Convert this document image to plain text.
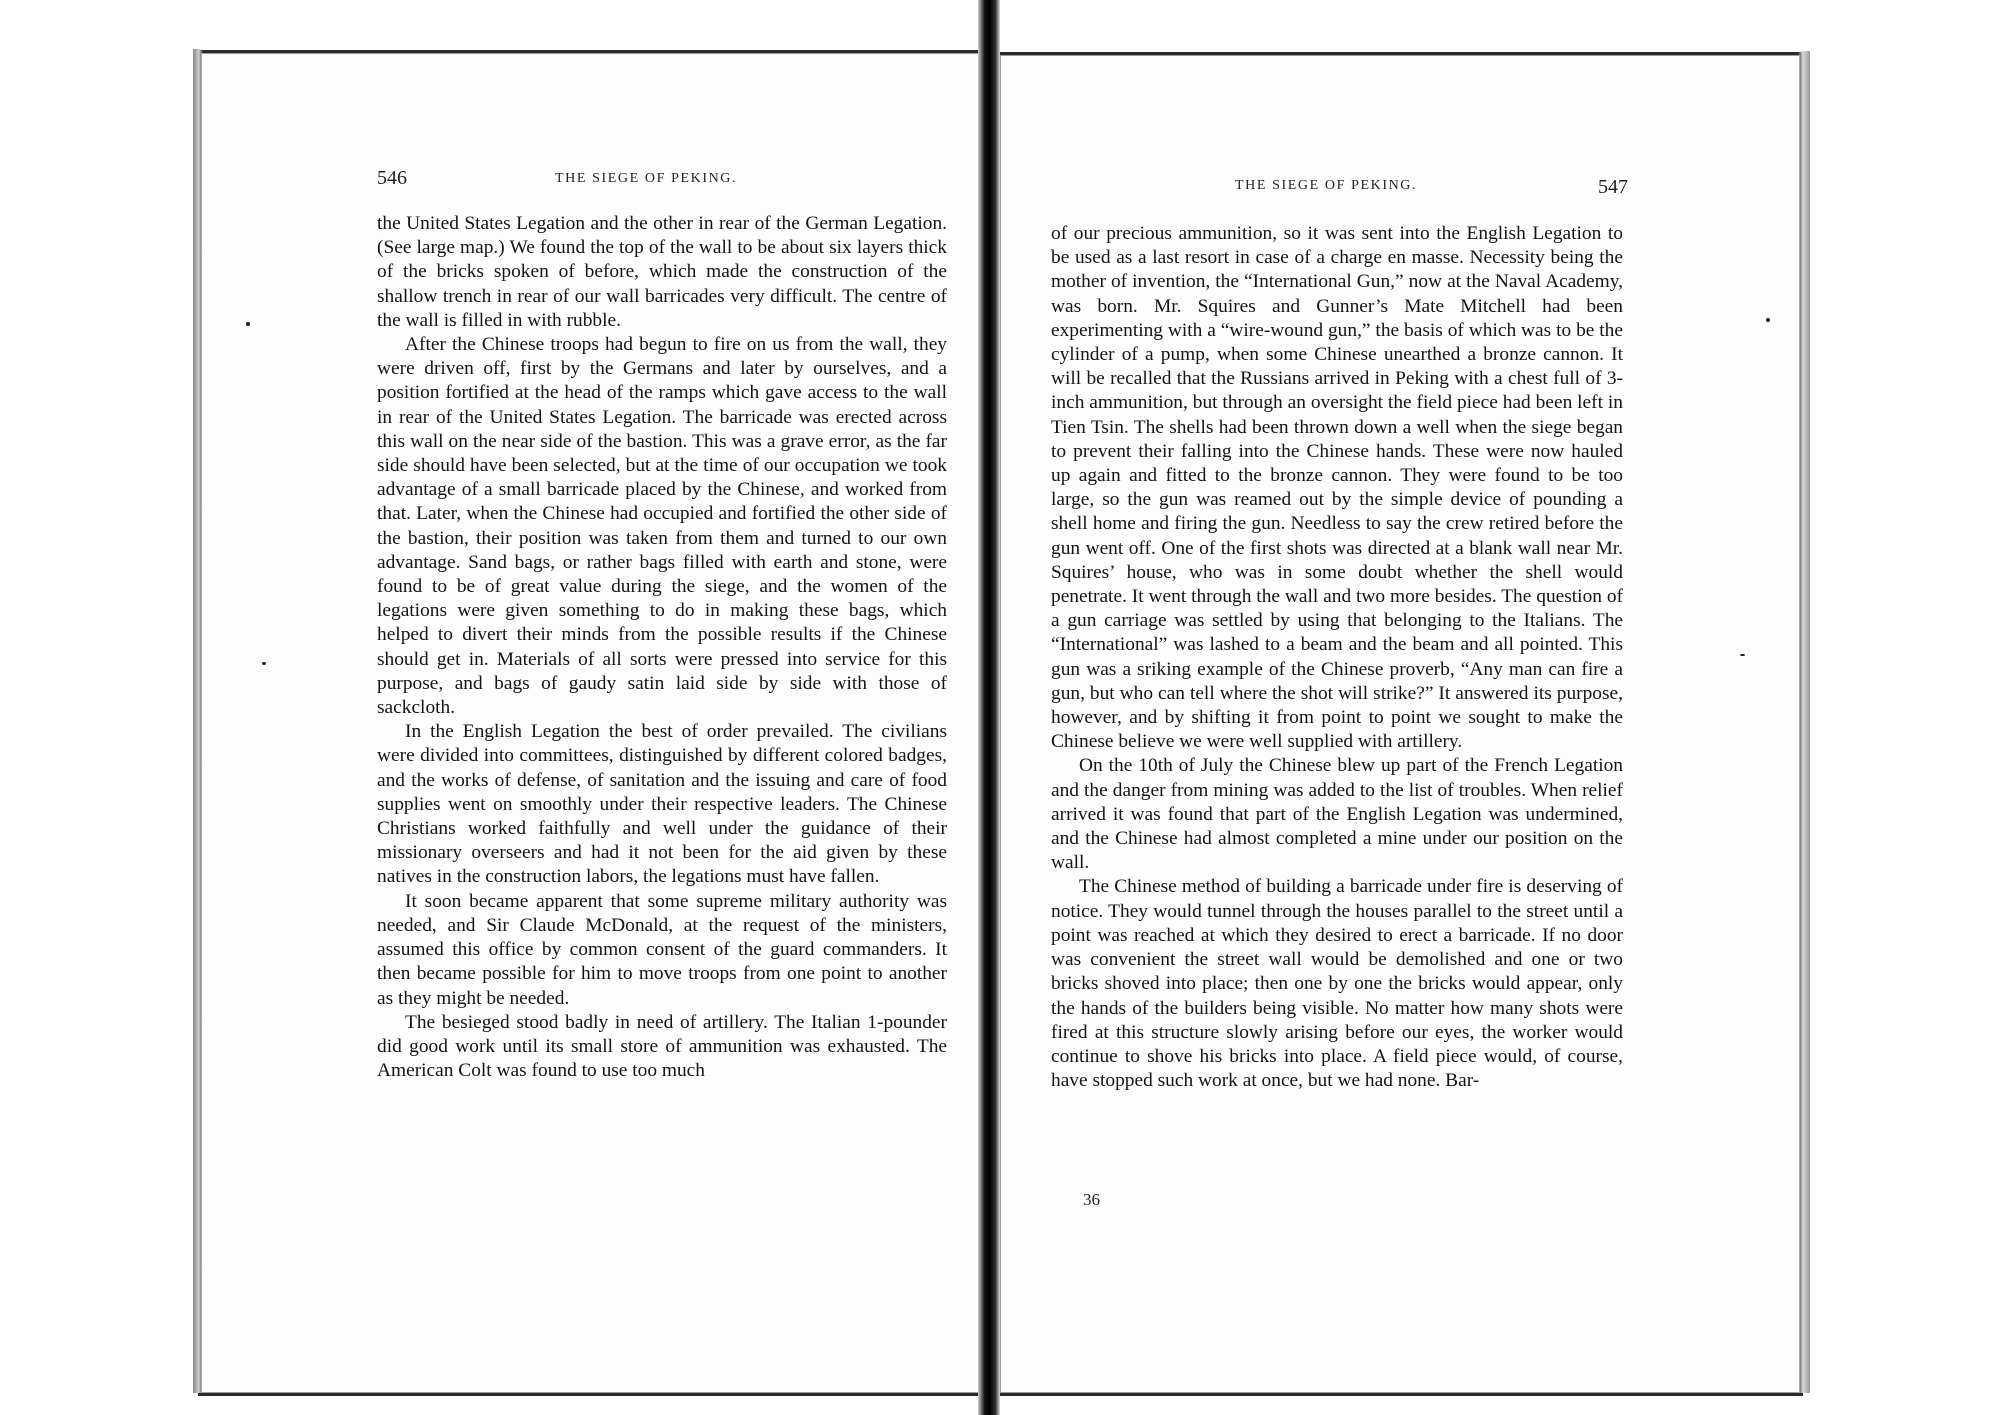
546	THE SIEGE OF PEKING.

the United States Legation and the other in rear of the German Legation. (See large map.) We found the top of the wall to be about six layers thick of the bricks spoken of before, which made the construction of the shallow trench in rear of our wall barricades very difficult. The centre of the wall is filled in with rubble.

After the Chinese troops had begun to fire on us from the wall, they were driven off, first by the Germans and later by ourselves, and a position fortified at the head of the ramps which gave access to the wall in rear of the United States Legation. The barricade was erected across this wall on the near side of the bastion. This was a grave error, as the far side should have been selected, but at the time of our occupation we took advantage of a small barricade placed by the Chinese, and worked from that. Later, when the Chinese had occupied and fortified the other side of the bastion, their position was taken from them and turned to our own advantage. Sand bags, or rather bags filled with earth and stone, were found to be of great value during the siege, and the women of the legations were given something to do in making these bags, which helped to divert their minds from the possible results if the Chinese should get in. Materials of all sorts were pressed into service for this purpose, and bags of gaudy satin laid side by side with those of sackcloth.

In the English Legation the best of order prevailed. The civilians were divided into committees, distinguished by different colored badges, and the works of defense, of sanitation and the issuing and care of food supplies went on smoothly under their respective leaders. The Chinese Christians worked faithfully and well under the guidance of their missionary overseers and had it not been for the aid given by these natives in the construction labors, the legations must have fallen.

It soon became apparent that some supreme military authority was needed, and Sir Claude McDonald, at the request of the ministers, assumed this office by common consent of the guard commanders. It then became possible for him to move troops from one point to another as they might be needed.

The besieged stood badly in need of artillery. The Italian 1-pounder did good work until its small store of ammunition was exhausted. The American Colt was found to use too much

THE SIEGE OF PEKING.	547

of our precious ammunition, so it was sent into the English Legation to be used as a last resort in case of a charge en masse. Necessity being the mother of invention, the “International Gun,” now at the Naval Academy, was born. Mr. Squires and Gunner’s Mate Mitchell had been experimenting with a “wire-wound gun,” the basis of which was to be the cylinder of a pump, when some Chinese unearthed a bronze cannon. It will be recalled that the Russians arrived in Peking with a chest full of 3-inch ammunition, but through an oversight the field piece had been left in Tien Tsin. The shells had been thrown down a well when the siege began to prevent their falling into the Chinese hands. These were now hauled up again and fitted to the bronze cannon. They were found to be too large, so the gun was reamed out by the simple device of pounding a shell home and firing the gun. Needless to say the crew retired before the gun went off. One of the first shots was directed at a blank wall near Mr. Squires’ house, who was in some doubt whether the shell would penetrate. It went through the wall and two more besides. The question of a gun carriage was settled by using that belonging to the Italians. The “International” was lashed to a beam and the beam and all pointed. This gun was a sriking example of the Chinese proverb, “Any man can fire a gun, but who can tell where the shot will strike?” It answered its purpose, however, and by shifting it from point to point we sought to make the Chinese believe we were well supplied with artillery.

On the 10th of July the Chinese blew up part of the French Legation and the danger from mining was added to the list of troubles. When relief arrived it was found that part of the English Legation was undermined, and the Chinese had almost completed a mine under our position on the wall.

The Chinese method of building a barricade under fire is deserving of notice. They would tunnel through the houses parallel to the street until a point was reached at which they desired to erect a barricade. If no door was convenient the street wall would be demolished and one or two bricks shoved into place; then one by one the bricks would appear, only the hands of the builders being visible. No matter how many shots were fired at this structure slowly arising before our eyes, the worker would continue to shove his bricks into place. A field piece would, of course, have stopped such work at once, but we had none. Bar-

36
